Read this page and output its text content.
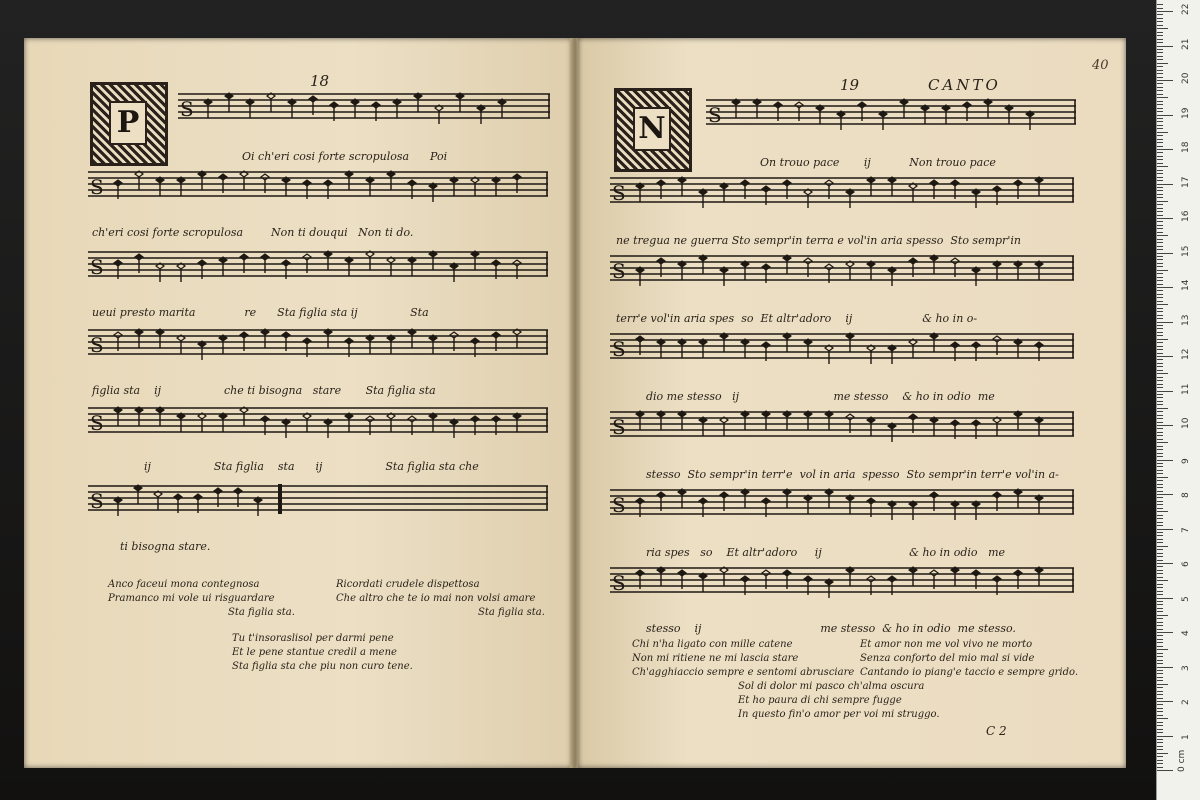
18
P
Oi ch'eri cosi forte scropulosa Poi
ch'eri cosi forte scropulosa	Non ti douqui Non ti do.
ueui presto marita	re Sta figlia sta ij	Sta
figlia sta ij	che ti bisogna stare Sta figlia sta
ij	Sta figlia sta ij	Sta figlia sta che
ti bisogna stare.
Anco faceui mona contegnosa
Pramanco mi vole ui risguardare
Sta figlia sta.
Ricordati crudele dispettosa
Che altro che te io mai non volsi amare
Sta figlia sta.
Tu t'insoraslisol per darmi pene
Et le pene stantue credil a mene
Sta figlia sta che piu non curo tene.
19	CANTO
40
N
On trouo pace ij	Non trouo pace
ne tregua ne guerra Sto sempr'in terra e vol'in aria spesso Sto sempr'in
terr'e vol'in aria spes so Et altr'adoro ij	& ho in o-
dio me stesso ij	me stesso & ho in odio me
stesso Sto sempr'in terr'e vol in aria spesso Sto sempr'in terr'e vol'in a-
ria spes so Et altr'adoro ij	& ho in odio me
stesso ij	me stesso & ho in odio me stesso.
Chi n'ha ligato con mille catene
Non mi ritiene ne mi lascia stare
Ch'agghiaccio sempre e sentomi abrusciare
Et amor non me vol vivo ne morto
Senza conforto del mio mal si vide
Cantando io piang'e taccio e sempre grido.
Sol di dolor mi pasco ch'alma oscura
Et ho paura di chi sempre fugge
In questo fin'o amor per voi mi struggo.
C 2
S
S
S
S
S
S
S
S
S
S
S
S
S
0 cm
1
2
3
4
5
6
7
8
9
10
11
12
13
14
15
16
17
18
19
20
21
22
